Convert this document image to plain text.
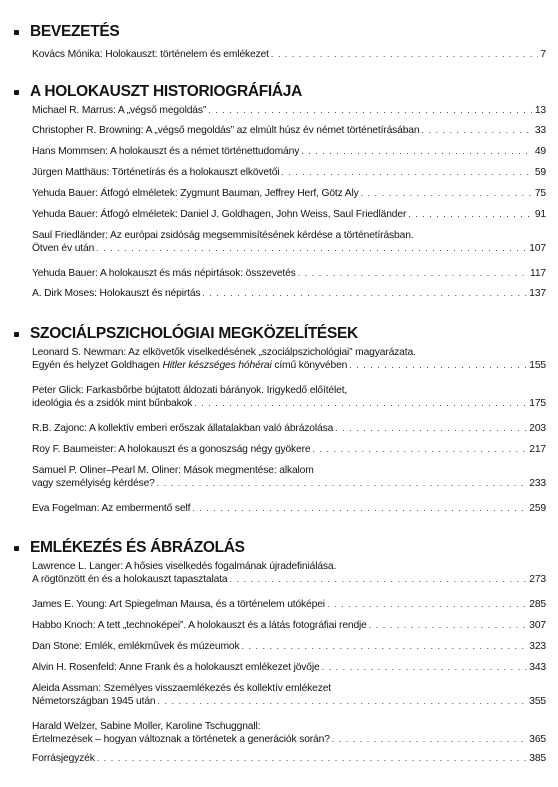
BEVEZETÉS
Kovács Mónika: Holokauszt: történelem és emlékezet . . .	7
A HOLOKAUSZT HISTORIOGRÁFIÁJA
Michael R. Marrus: A „végső megoldás” . . .	13
Christopher R. Browning: A „végső megoldás” az elmúlt húsz év német történetírásában . . .	33
Hans Mommsen: A holokauszt és a német történettudomány . . .	49
Jürgen Matthäus: Történetírás és a holokauszt elkövetői . . .	59
Yehuda Bauer: Átfogó elméletek: Zygmunt Bauman, Jeffrey Herf, Götz Aly . . .	75
Yehuda Bauer: Átfogó elméletek: Daniel J. Goldhagen, John Weiss, Saul Friedländer . . .	91
Saul Friedländer: Az európai zsidóság megsemmisítésének kérdése a történetírásban.
Ötven év után . . .	107
Yehuda Bauer: A holokauszt és más népirtások: összevetés . . .	117
A. Dirk Moses: Holokauszt és népirtás . . .	137
SZOCIÁLPSZICHOLÓGIAI MEGKÖZELÍTÉSEK
Leonard S. Newman: Az elkövetők viselkedésének „szociálpszichológiai” magyarázata.
Egyén és helyzet Goldhagen Hitler készséges hóhérai című könyvében . . .	155
Peter Glick: Farkasbőrbe bújtatott áldozati bárányok. Irigykedő előítélet,
ideológia és a zsidók mint bűnbakok . . .	175
R.B. Zajonc: A kollektív emberi erőszak állatalakban való ábrázolása . . .	203
Roy F. Baumeister: A holokauszt és a gonoszság négy gyökere . . .	217
Samuel P. Oliner–Pearl M. Oliner: Mások megmentése: alkalom
vagy személyiség kérdése? . . .	233
Eva Fogelman: Az embermentő self . . .	259
EMLÉKEZÉS ÉS ÁBRÁZOLÁS
Lawrence L. Langer: A hősies viselkedés fogalmának újradefiniálása.
A rögtönzött én és a holokauszt tapasztalata . . .	273
James E. Young: Art Spiegelman Mausa, és a történelem utóképei . . .	285
Habbo Knoch: A tett „technoképei”. A holokauszt és a látás fotográfiai rendje . . .	307
Dan Stone: Emlék, emlékművek és múzeumok . . .	323
Alvin H. Rosenfeld: Anne Frank és a holokauszt emlékezet jövője . . .	343
Aleida Assman: Személyes visszaemlékezés és kollektív emlékezet
Németországban 1945 után . . .	355
Harald Welzer, Sabine Moller, Karoline Tschuggnall:
Értelmezések – hogyan változnak a történetek a generációk során? . . .	365
Forrásjegyzék . . .	385
